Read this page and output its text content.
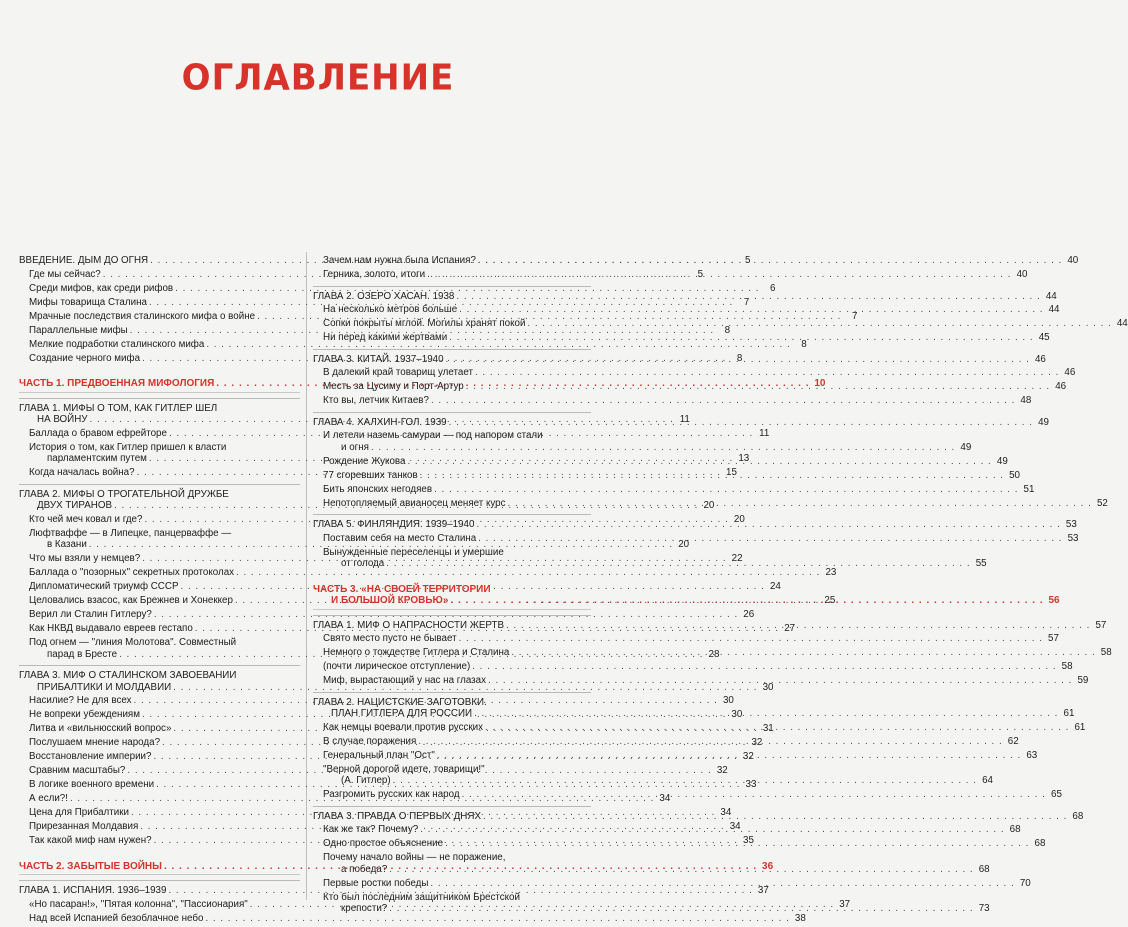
ОГЛАВЛЕНИЕ
ВВЕДЕНИЕ. ДЫМ ДО ОГНЯ . . .	5
Где мы сейчас? . . .	5
Среди мифов, как среди рифов . . .	6
Мифы товарища Сталина . . .	7
Мрачные последствия сталинского мифа о войне . . .	7
Параллельные мифы . . .	8
Мелкие подработки сталинского мифа . . .	8
Создание черного мифа . . .	8
ЧАСТЬ 1. ПРЕДВОЕННАЯ МИФОЛОГИЯ . . .	10
ГЛАВА 1. МИФЫ О ТОМ, КАК ГИТЛЕР ШЕЛ
НА ВОЙНУ . . .	11
Баллада о бравом ефрейторе . . .	11
История о том, как Гитлер пришел к власти
парламентским путем . . .	13
Когда началась война? . . .	15
ГЛАВА 2. МИФЫ О ТРОГАТЕЛЬНОЙ ДРУЖБЕ
ДВУХ ТИРАНОВ . . .	20
Кто чей меч ковал и где? . . .	20
Люфтваффе — в Липецке, панцерваффе —
в Казани . . .	20
Что мы взяли у немцев? . . .	22
Баллада о "позорных" секретных протоколах . . .	23
Дипломатический триумф СССР . . .	24
Целовались взасос, как Брежнев и Хонеккер . . .	25
Верил ли Сталин Гитлеру? . . .	26
Как НКВД выдавало евреев гестапо . . .	27
Под огнем — "линия Молотова". Совместный
парад в Бресте . . .	28
ГЛАВА 3. МИФ О СТАЛИНСКОМ ЗАВОЕВАНИИ
ПРИБАЛТИКИ И МОЛДАВИИ . . .	30
Насилие? Не для всех . . .	30
Не вопреки убеждениям . . .	30
Литва и «вильнюсский вопрос» . . .	31
Послушаем мнение народа? . . .	32
Восстановление империи? . . .	32
Сравним масштабы? . . .	32
В логике военного времени . . .	33
А если?! . . .	34
Цена для Прибалтики . . .	34
Прирезанная Молдавия . . .	34
Так какой миф нам нужен? . . .	35
ЧАСТЬ 2. ЗАБЫТЫЕ ВОЙНЫ . . .	36
ГЛАВА 1. ИСПАНИЯ. 1936–1939 . . .	37
«Но пасаран!», "Пятая колонна", "Пассионария" . . .	37
Над всей Испанией безоблачное небо . . .	38
Зачем нам нужна была Испания? . . .	40
Герника, золото, итоги . . .	40
ГЛАВА 2. ОЗЕРО ХАСАН. 1938 . . .	44
На несколько метров больше . . .	44
Сопки покрыты мглой. Могилы хранят покой . . .	44
Ни перед какими жертвами . . .	45
ГЛАВА 3. КИТАЙ. 1937–1940 . . .	46
В далекий край товарищ улетает . . .	46
Месть за Цусиму и Порт-Артур . . .	46
Кто вы, летчик Китаев? . . .	48
ГЛАВА 4. ХАЛХИН-ГОЛ. 1939 . . .	49
И летели наземь самураи — под напором стали
и огня . . .	49
Рождение Жукова . . .	49
77 сгоревших танков . . .	50
Бить японских негодяев . . .	51
Непотопляемый авианосец меняет курс . . .	52
ГЛАВА 5. ФИНЛЯНДИЯ. 1939–1940 . . .	53
Поставим себя на место Сталина . . .	53
Вынужденные переселенцы и умершие
от голода . . .	55
ЧАСТЬ 3. «НА СВОЕЙ ТЕРРИТОРИИ
И БОЛЬШОЙ КРОВЬЮ» . . .	56
ГЛАВА 1. МИФ О НАПРАСНОСТИ ЖЕРТВ . . .	57
Свято место пусто не бывает . . .	57
Немного о тождестве Гитлера и Сталина . . .	58
(почти лирическое отступление) . . .	58
Миф, вырастающий у нас на глазах . . .	59
ГЛАВА 2. НАЦИСТСКИЕ ЗАГОТОВКИ.
ПЛАН ГИТЛЕРА ДЛЯ РОССИИ . . .	61
Как немцы воевали против русских . . .	61
В случае поражения . . .	62
Генеральный план "Ост" . . .	63
"Верной дорогой идете, товарищи!"
(А. Гитлер) . . .	64
Разгромить русских как народ . . .	65
ГЛАВА 3. ПРАВДА О ПЕРВЫХ ДНЯХ . . .	68
Как же так? Почему? . . .	68
Одно простое объяснение . . .	68
Почему начало войны — не поражение,
а победа? . . .	68
Первые ростки победы . . .	70
Кто был последним защитником Брестской
крепости? . . .	73
